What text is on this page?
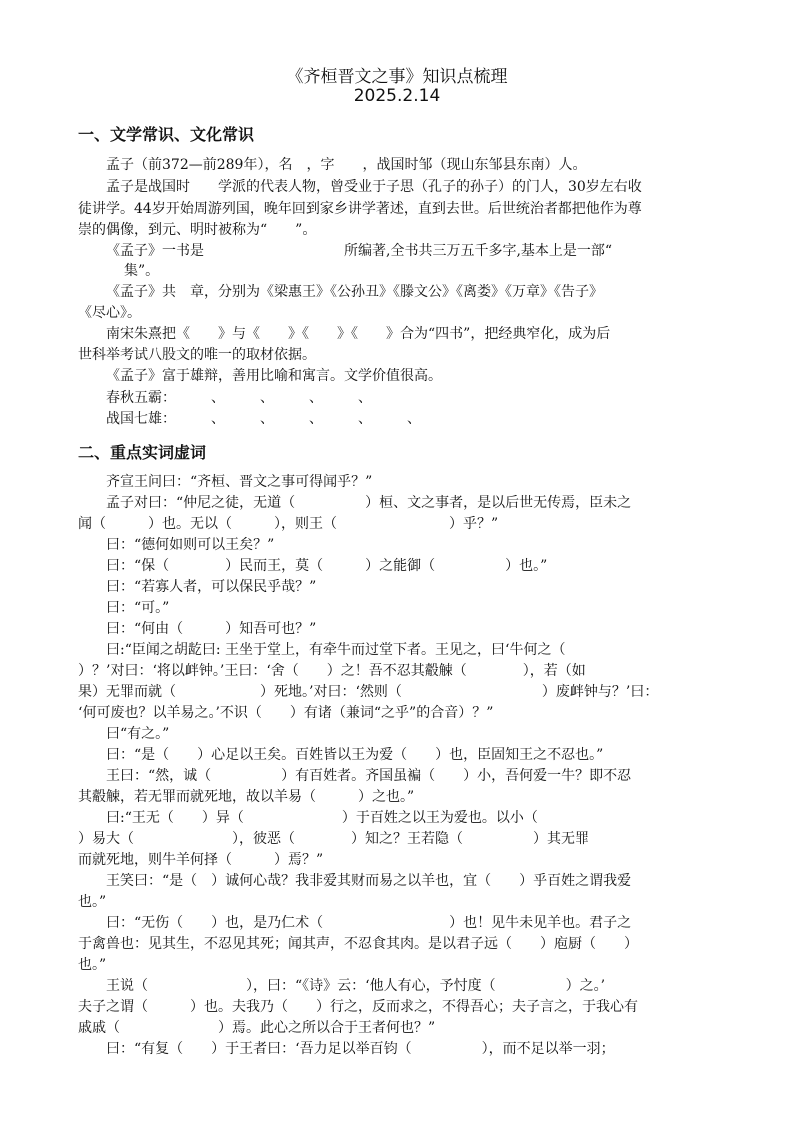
《齐桓晋文之事》知识点梳理
2025.2.14
一、文学常识、文化常识
孟子（前372—前289年），名　，字　　，战国时邹（现山东邹县东南）人。
孟子是战国时　　学派的代表人物，曾受业于子思（孔子的孙子）的门人，30岁左右收
徒讲学。44岁开始周游列国，晚年回到家乡讲学著述，直到去世。后世统治者都把他作为尊
崇的偶像，到元、明时被称为“　　”。
《孟子》一书是　　　　　　　　　　所编著,全书共三万五千多字,基本上是一部“
集”。
《孟子》共　章，分别为《梁惠王》《公孙丑》《滕文公》《离娄》《万章》《告子》
《尽心》。
南宋朱熹把《　　》与《　　》《　　》《　　》合为“四书”，把经典窄化，成为后
世科举考试八股文的唯一的取材依据。
《孟子》富于雄辩，善用比喻和寓言。文学价值很高。
春秋五霸：　　　、　　　、　　　、　　　、　　　
战国七雄：　　　、　　　、　　　、　　　、　　　、　　　
二、重点实词虚词
齐宣王问曰：“齐桓、晋文之事可得闻乎？”
孟子对曰：“仲尼之徒，无道（　　　　　）桓、文之事者，是以后世无传焉，臣未之
闻（　　　）也。无以（　　　），则王（　　　　　　　　）乎？”
曰：“德何如则可以王矣？”
曰：“保（　　　　）民而王，莫（　　　）之能御（　　　　　）也。”
曰：“若寡人者，可以保民乎哉？”
曰：“可。”
曰：“何由（　　　）知吾可也？”
曰:“臣闻之胡龁曰: 王坐于堂上，有牵牛而过堂下者。王见之，曰‘牛何之（
）？’对曰：‘将以衅钟。’王曰：‘舍（　　）之！吾不忍其觳觫（　　　　），若（如
果）无罪而就（　　　　　　）死地。’对曰：‘然则（　　　　　　　　　　）废衅钟与？’曰：
‘何可废也？以羊易之。’不识（　　）有诸（兼词“之乎”的合音）？”
曰“有之。”
曰：“是（　　）心足以王矣。百姓皆以王为爱（　　）也，臣固知王之不忍也。”
王曰：“然，诚（　　　　　）有百姓者。齐国虽褊（　　）小，吾何爱一牛？即不忍
其觳觫，若无罪而就死地，故以羊易（　　　）之也。”
曰:“王无（　　）异（　　　　　　　）于百姓之以王为爱也。以小（
）易大（　　　　　　　），彼恶（　　　　）知之？王若隐（　　　　　）其无罪
而就死地，则牛羊何择（　　　）焉？”
王笑曰：“是（　）诚何心哉？我非爱其财而易之以羊也，宜（　　）乎百姓之谓我爱
也。”
曰：“无伤（　　）也，是乃仁术（　　　　　　　　　）也！见牛未见羊也。君子之
于禽兽也：见其生，不忍见其死；闻其声，不忍食其肉。是以君子远（　　）庖厨（　　）
也。”
王说（　　　　　　　），曰：“《诗》云：‘他人有心，予忖度（　　　　　）之。’
夫子之谓（　　　）也。夫我乃（　　）行之，反而求之，不得吾心；夫子言之，于我心有
戚戚（　　　　　　　）焉。此心之所以合于王者何也？”
曰：“有复（　　）于王者曰：‘吾力足以举百钧（　　　　　），而不足以举一羽；
